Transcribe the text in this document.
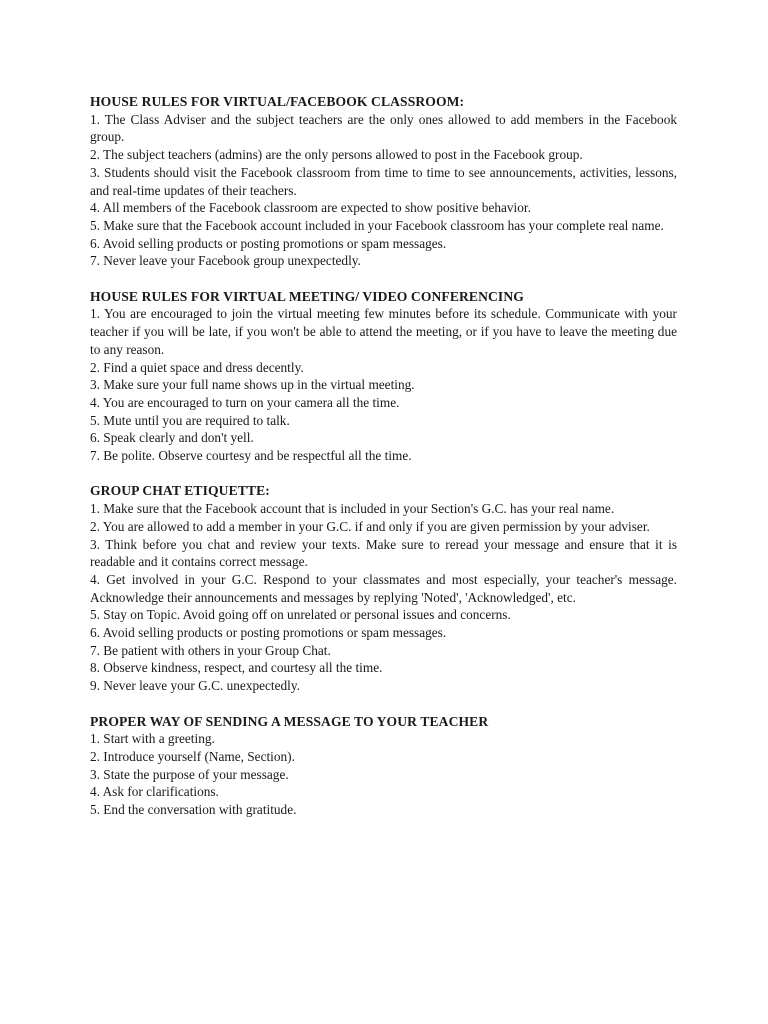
HOUSE RULES FOR VIRTUAL/FACEBOOK CLASSROOM:

1. The Class Adviser and the subject teachers are the only ones allowed to add members in the Facebook group.

2. The subject teachers (admins) are the only persons allowed to post in the Facebook group.

3. Students should visit the Facebook classroom from time to time to see announcements, activities, lessons, and real-time updates of their teachers.

4. All members of the Facebook classroom are expected to show positive behavior.

5. Make sure that the Facebook account included in your Facebook classroom has your complete real name.

6. Avoid selling products or posting promotions or spam messages.

7. Never leave your Facebook group unexpectedly.

HOUSE RULES FOR VIRTUAL MEETING/ VIDEO CONFERENCING

1. You are encouraged to join the virtual meeting few minutes before its schedule. Communicate with your teacher if you will be late, if you won't be able to attend the meeting, or if you have to leave the meeting due to any reason.

2. Find a quiet space and dress decently.

3. Make sure your full name shows up in the virtual meeting.

4. You are encouraged to turn on your camera all the time.

5. Mute until you are required to talk.

6. Speak clearly and don't yell.

7. Be polite. Observe courtesy and be respectful all the time.

GROUP CHAT ETIQUETTE:

1. Make sure that the Facebook account that is included in your Section's G.C. has your real name.

2. You are allowed to add a member in your G.C. if and only if you are given permission by your adviser.

3. Think before you chat and review your texts. Make sure to reread your message and ensure that it is readable and it contains correct message.

4. Get involved in your G.C. Respond to your classmates and most especially, your teacher's message. Acknowledge their announcements and messages by replying 'Noted', 'Acknowledged', etc.

5. Stay on Topic. Avoid going off on unrelated or personal issues and concerns.

6. Avoid selling products or posting promotions or spam messages.

7. Be patient with others in your Group Chat.

8. Observe kindness, respect, and courtesy all the time.

9. Never leave your G.C. unexpectedly.

PROPER WAY OF SENDING A MESSAGE TO YOUR TEACHER

1. Start with a greeting.

2. Introduce yourself (Name, Section).

3. State the purpose of your message.

4. Ask for clarifications.

5. End the conversation with gratitude.
